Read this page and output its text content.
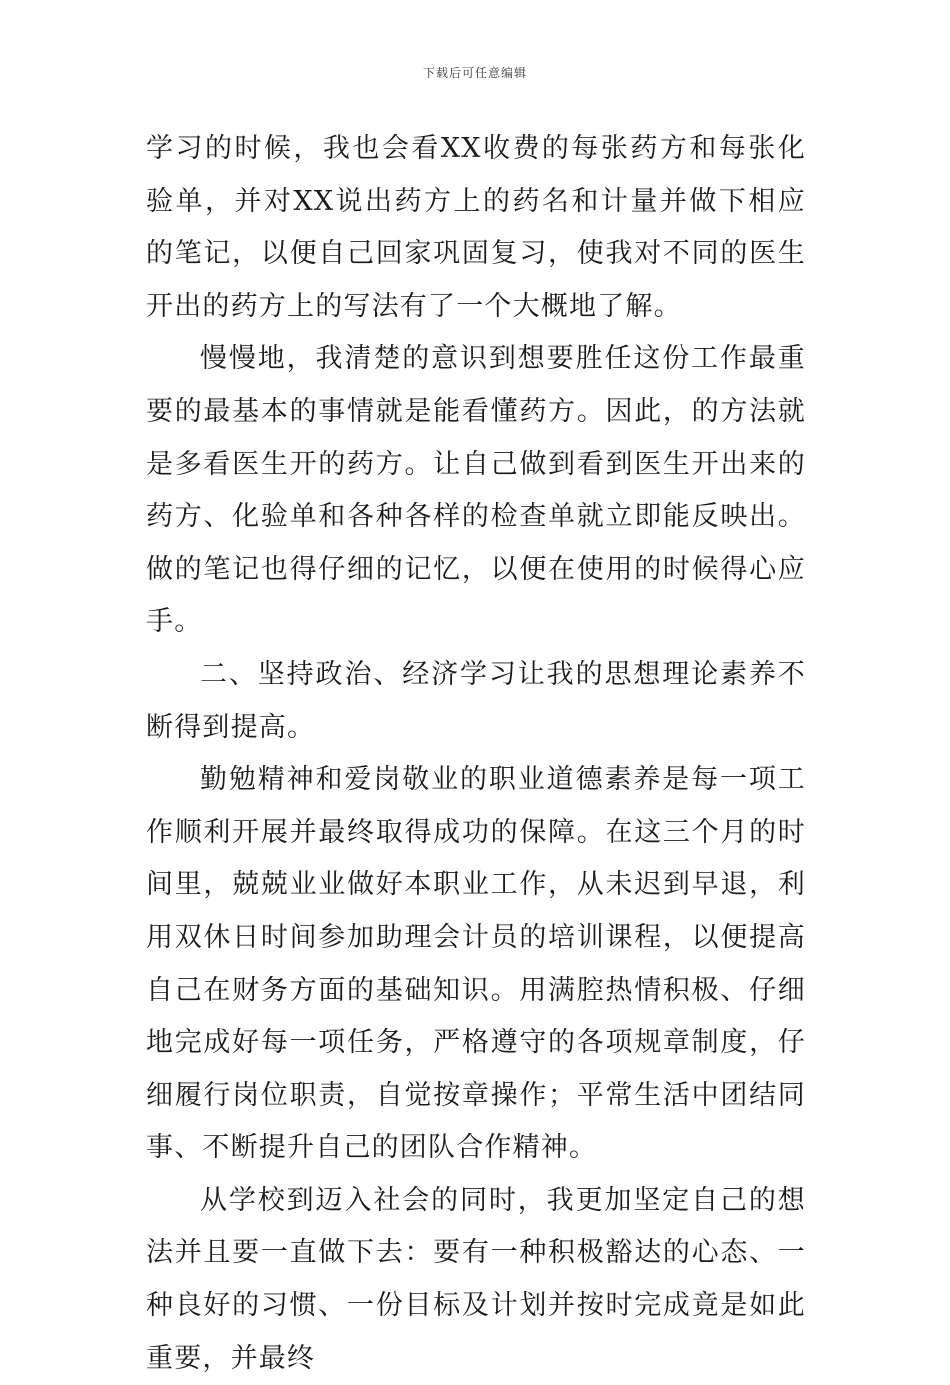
下载后可任意编辑

学习的时候，我也会看XX收费的每张药方和每张化验单，并对XX说出药方上的药名和计量并做下相应的笔记，以便自己回家巩固复习，使我对不同的医生开出的药方上的写法有了一个大概地了解。

慢慢地，我清楚的意识到想要胜任这份工作最重要的最基本的事情就是能看懂药方。因此，的方法就是多看医生开的药方。让自己做到看到医生开出来的药方、化验单和各种各样的检查单就立即能反映出。做的笔记也得仔细的记忆，以便在使用的时候得心应手。

二、坚持政治、经济学习让我的思想理论素养不断得到提高。

勤勉精神和爱岗敬业的职业道德素养是每一项工作顺利开展并最终取得成功的保障。在这三个月的时间里，兢兢业业做好本职业工作，从未迟到早退，利用双休日时间参加助理会计员的培训课程，以便提高自己在财务方面的基础知识。用满腔热情积极、仔细地完成好每一项任务，严格遵守的各项规章制度，仔细履行岗位职责，自觉按章操作；平常生活中团结同事、不断提升自己的团队合作精神。

从学校到迈入社会的同时，我更加坚定自己的想法并且要一直做下去：要有一种积极豁达的心态、一种良好的习惯、一份目标及计划并按时完成竟是如此重要，并最终
